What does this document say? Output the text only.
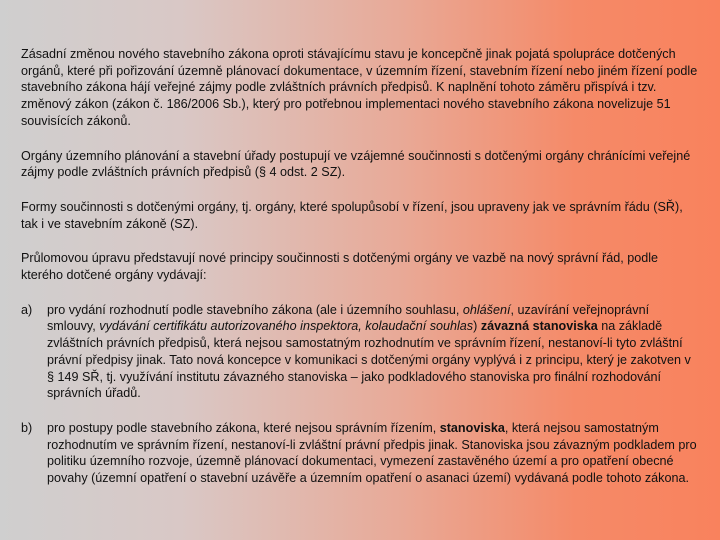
Zásadní změnou nového stavebního zákona oproti stávajícímu stavu je koncepčně jinak pojatá spolupráce dotčených orgánů, které při pořizování územně plánovací dokumentace, v územním řízení, stavebním řízení nebo jiném řízení podle stavebního zákona hájí veřejné zájmy podle zvláštních právních předpisů. K naplnění tohoto záměru přispívá i tzv. změnový zákon (zákon č. 186/2006 Sb.), který pro potřebnou implementaci nového stavebního zákona novelizuje 51 souvisících zákonů.

Orgány územního plánování a stavební úřady postupují ve vzájemné součinnosti s dotčenými orgány chránícími veřejné zájmy podle zvláštních právních předpisů (§ 4 odst. 2 SZ).

Formy součinnosti s dotčenými orgány, tj. orgány, které spolupůsobí v řízení, jsou upraveny jak ve správním řádu (SŘ), tak i ve stavebním zákoně (SZ).

Průlomovou úpravu představují nové principy součinnosti s dotčenými orgány ve vazbě na nový správní řád, podle kterého dotčené orgány vydávají:

a)	pro vydání rozhodnutí podle stavebního zákona (ale i územního souhlasu, ohlášení, uzavírání veřejnoprávní smlouvy, vydávání certifikátu autorizovaného inspektora, kolaudační souhlas) závazná stanoviska na základě zvláštních právních předpisů, která nejsou samostatným rozhodnutím ve správním řízení, nestanoví-li tyto zvláštní právní předpisy jinak. Tato nová koncepce v komunikaci s dotčenými orgány vyplývá i z principu, který je zakotven v § 149 SŘ, tj. využívání institutu závazného stanoviska – jako podkladového stanoviska pro finální rozhodování správních úřadů.
b)	pro postupy podle stavebního zákona, které nejsou správním řízením, stanoviska, která nejsou samostatným rozhodnutím ve správním řízení, nestanoví-li zvláštní právní předpis jinak. Stanoviska jsou závazným podkladem pro politiku územního rozvoje, územně plánovací dokumentaci, vymezení zastavěného území a pro opatření obecné povahy (územní opatření o stavební uzávěře a územním opatření o asanaci území) vydávaná podle tohoto zákona.
